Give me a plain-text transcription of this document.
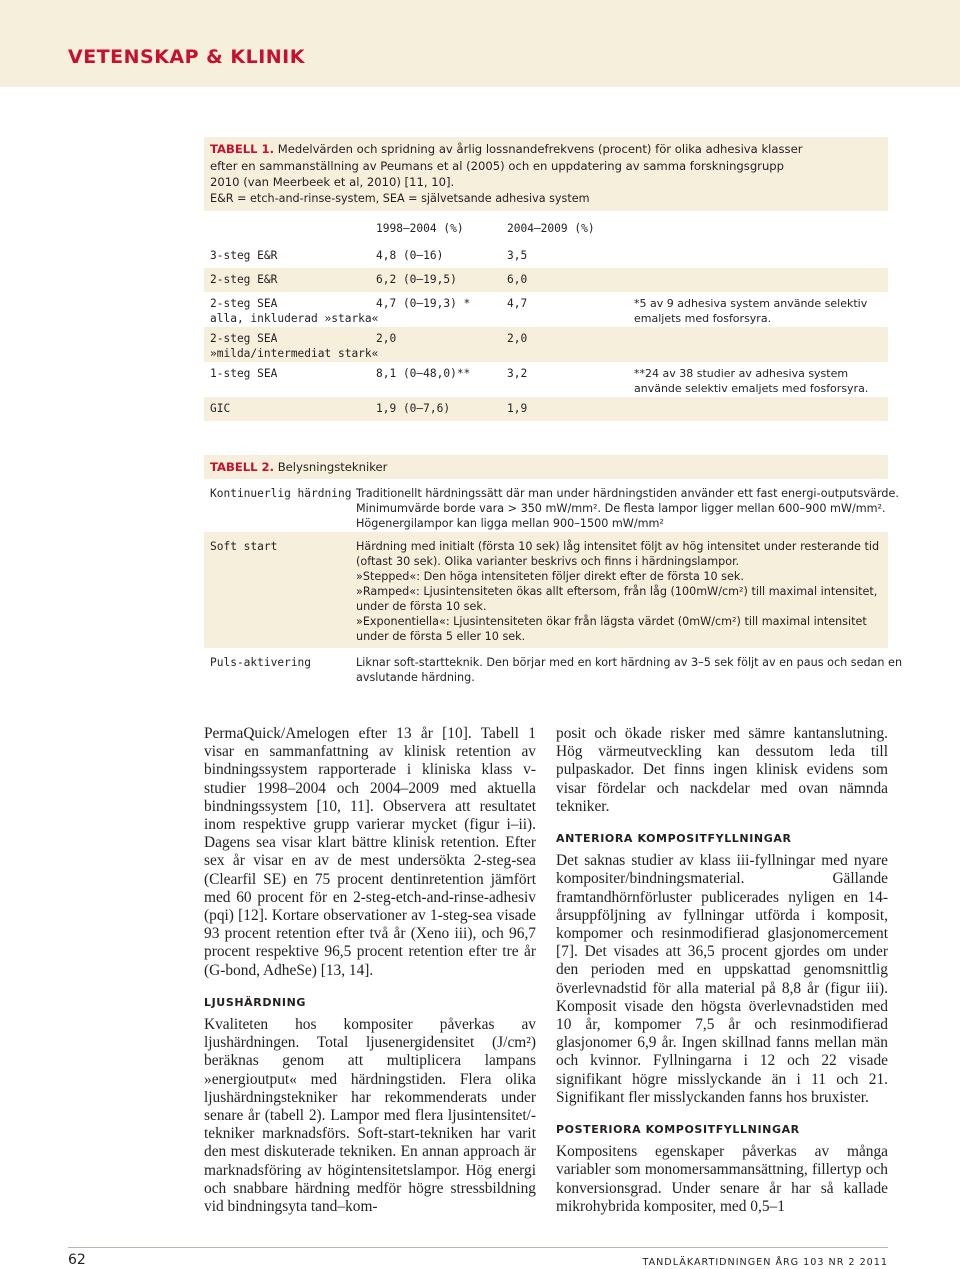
VETENSKAP & KLINIK
TABELL 1. Medelvärden och spridning av årlig lossnandefrekvens (procent) för olika adhesiva klasser
efter en sammanställning av Peumans et al (2005) och en uppdatering av samma forskningsgrupp
2010 (van Meerbeek et al, 2010) [11, 10].
E&R = etch-and-rinse-system, SEA = självetsande adhesiva system
1998–2004 (%)	2004–2009 (%)
3-steg E&R	4,8 (0–16)	3,5
2-steg E&R	6,2 (0–19,5)	6,0
2-steg SEA
alla, inkluderad »starka«
4,7 (0–19,3) *	4,7	*5 av 9 adhesiva system använde selektiv
emaljets med fosforsyra.
2-steg SEA
»milda/intermediat stark«
2,0	2,0
1-steg SEA	8,1 (0–48,0)**	3,2	**24 av 38 studier av adhesiva system
använde selektiv emaljets med fosforsyra.
GIC	1,9 (0–7,6)	1,9
TABELL 2. Belysningstekniker
Kontinuerlig härdning Traditionellt härdningssätt där man under härdningstiden använder ett fast energi-outputsvärde.
Minimumvärde borde vara > 350 mW/mm². De flesta lampor ligger mellan 600–900 mW/mm².
Högenergilampor kan ligga mellan 900–1500 mW/mm²
Soft start	Härdning med initialt (första 10 sek) låg intensitet följt av hög intensitet under resterande tid
(oftast 30 sek). Olika varianter beskrivs och finns i härdningslampor.
»Stepped«: Den höga intensiteten följer direkt efter de första 10 sek.
»Ramped«: Ljusintensiteten ökas allt eftersom, från låg (100mW/cm²) till maximal intensitet,
under de första 10 sek.
»Exponentiella«: Ljusintensiteten ökar från lägsta värdet (0mW/cm²) till maximal intensitet
under de första 5 eller 10 sek.
Puls-aktivering	Liknar soft-startteknik. Den börjar med en kort härdning av 3–5 sek följt av en paus och sedan en
avslutande härdning.

PermaQuick/Amelogen efter 13 år [10]. Tabell 1 visar en sammanfattning av klinisk retention av bindningssystem rapporterade i kliniska klass v-studier 1998–2004 och 2004–2009 med aktuella bindningssystem [10, 11]. Observera att resultatet inom respektive grupp varierar mycket (figur i–ii). Dagens sea visar klart bättre klinisk retention. Efter sex år visar en av de mest undersökta 2-steg-sea (Clearfil SE) en 75 procent dentinretention jämfört med 60 procent för en 2-steg-etch-and-rinse-adhesiv (pqi) [12]. Kortare observationer av 1-steg-sea visade 93 procent retention efter två år (Xeno iii), och 96,7 procent respektive 96,5 procent retention efter tre år (G-bond, AdheSe) [13, 14].

LJUSHÄRDNING

Kvaliteten hos kompositer påverkas av ljushärdningen. Total ljusenergidensitet (J/cm²) beräknas genom att multiplicera lampans »energioutput« med härdningstiden. Flera olika ljushärdningstekniker har rekommenderats under senare år (tabell 2). Lampor med flera ljusintensitet/-tekniker marknadsförs. Soft-start-tekniken har varit den mest diskuterade tekniken. En annan approach är marknadsföring av högintensitetslampor. Hög energi och snabbare härdning medför högre stressbildning vid bindningsyta tand–kom-

posit och ökade risker med sämre kantanslutning. Hög värmeutveckling kan dessutom leda till pulpaskador. Det finns ingen klinisk evidens som visar fördelar och nackdelar med ovan nämnda tekniker.

ANTERIORA KOMPOSITFYLLNINGAR

Det saknas studier av klass iii-fyllningar med nyare kompositer/bindningsmaterial. Gällande framtandhörnförluster publicerades nyligen en 14-årsuppföljning av fyllningar utförda i komposit, kompomer och resinmodifierad glasjonomercement [7]. Det visades att 36,5 procent gjordes om under den perioden med en uppskattad genomsnittlig överlevnadstid för alla material på 8,8 år (figur iii). Komposit visade den högsta överlevnadstiden med 10 år, kompomer 7,5 år och resinmodifierad glasjonomer 6,9 år. Ingen skillnad fanns mellan män och kvinnor. Fyllningarna i 12 och 22 visade signifikant högre misslyckande än i 11 och 21. Signifikant fler misslyckanden fanns hos bruxister.

POSTERIORA KOMPOSITFYLLNINGAR

Kompositens egenskaper påverkas av många variabler som monomersammansättning, fillertyp och konversionsgrad. Under senare år har så kallade mikrohybrida kompositer, med 0,5–1

62	TANDLÄKARTIDNINGEN ÅRG 103 NR 2 2011
